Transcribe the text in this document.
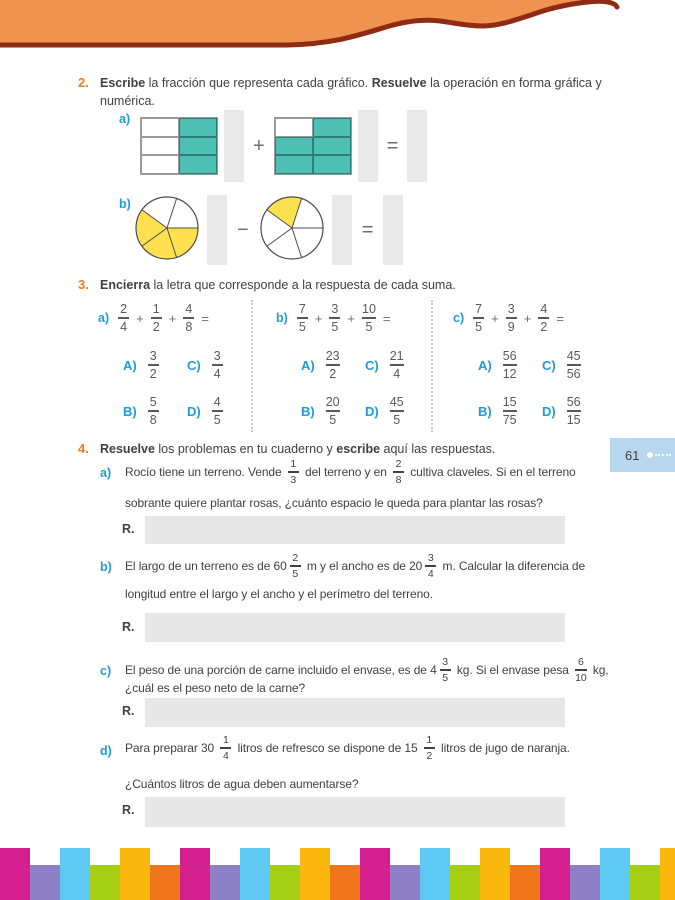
2. Escribe la fracción que representa cada gráfico. Resuelve la operación en forma gráfica y
numérica.
a)
+	=
b)
−	=
3. Encierra la letra que corresponde a la respuesta de cada suma.
$a) \frac{2}{4} + \frac{1}{2} + \frac{4}{8}$ =
$A) \frac{3}{2} C) \frac{3}{4}$
$B) \frac{5}{8} D) \frac{4}{5}$
$b) \frac{7}{5} + \frac{3}{5} + \frac{10}{5}$ =
$A) \frac{23}{2} C) \frac{21}{4}$
$B) \frac{20}{5} D) \frac{45}{5}$
$c) \frac{7}{5} + \frac{3}{9} + \frac{4}{2}$ =
$A) \frac{56}{12} C) \frac{45}{56}$
$B) \frac{15}{75} D) \frac{56}{15}$
4. Resuelve los problemas en tu cuaderno y escribe aquí las respuestas.	61
a) Rocío tiene un terreno. Vende $\frac{1}{3}$ del terreno y en $\frac{2}{8}$ cultiva claveles. Si en el terreno
sobrante quiere plantar rosas, ¿cuánto espacio le queda para plantar las rosas?
R.
b) El largo de un terreno es de $60 \frac{2}{5}$ m y el ancho es de $20 \frac{3}{4} m$. Calcular la diferencia de
longitud entre el largo y el ancho y el perímetro del terreno.
R.
c) El peso de una porción de carne incluido el envase, es de $4 \frac{3}{5}$ kg. Si el envase pesa $\frac{6}{10}$ kg,
¿cuál es el peso neto de la carne?
R.
d) Para preparar $30 \frac{1}{4}$ litros de refresco se dispone de $15 \frac{1}{2}$ litros de jugo de naranja.
¿Cuántos litros de agua deben aumentarse?
R.
